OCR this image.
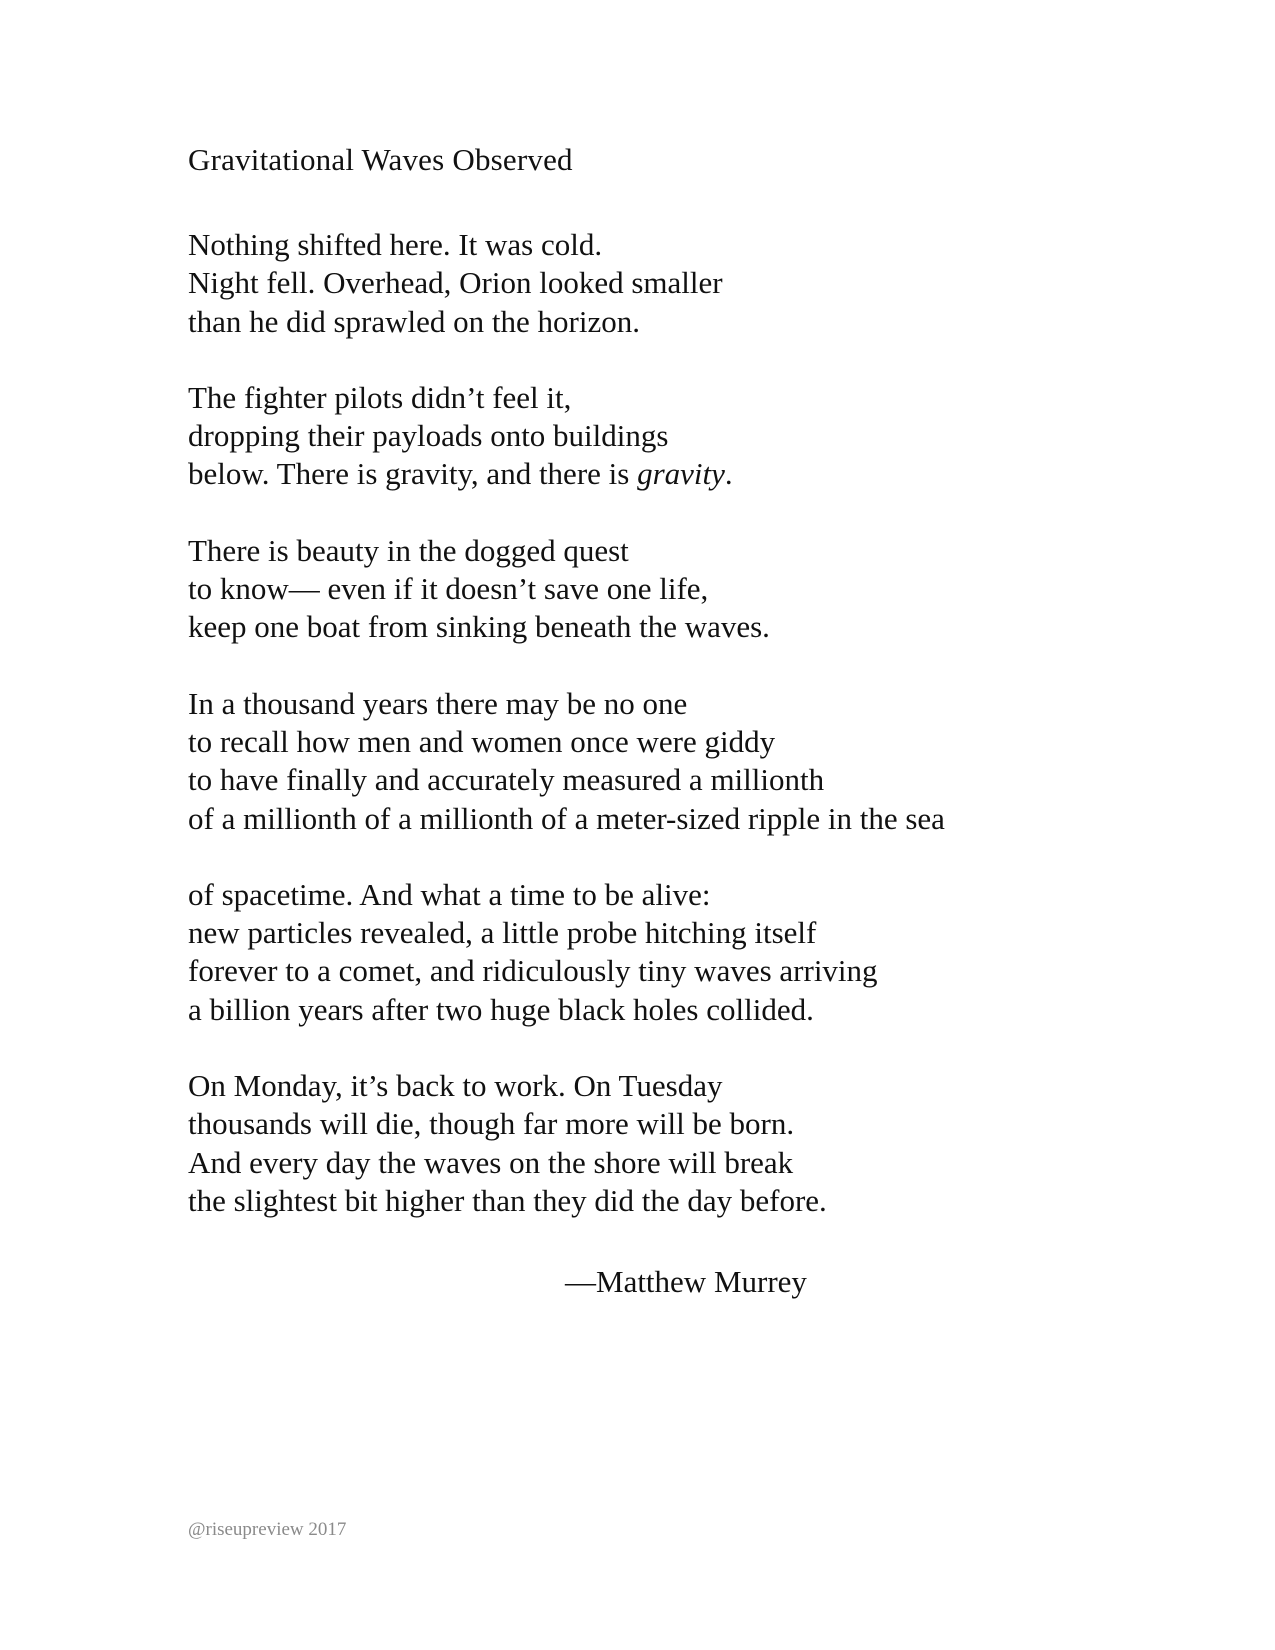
Gravitational Waves Observed
Nothing shifted here. It was cold.
Night fell. Overhead, Orion looked smaller
than he did sprawled on the horizon.
The fighter pilots didn’t feel it,
dropping their payloads onto buildings
below. There is gravity, and there is gravity.
There is beauty in the dogged quest
to know— even if it doesn’t save one life,
keep one boat from sinking beneath the waves.
In a thousand years there may be no one
to recall how men and women once were giddy
to have finally and accurately measured a millionth
of a millionth of a millionth of a meter-sized ripple in the sea
of spacetime. And what a time to be alive:
new particles revealed, a little probe hitching itself
forever to a comet, and ridiculously tiny waves arriving
a billion years after two huge black holes collided.
On Monday, it’s back to work. On Tuesday
thousands will die, though far more will be born.
And every day the waves on the shore will break
the slightest bit higher than they did the day before.
—Matthew Murrey
@riseupreview 2017
